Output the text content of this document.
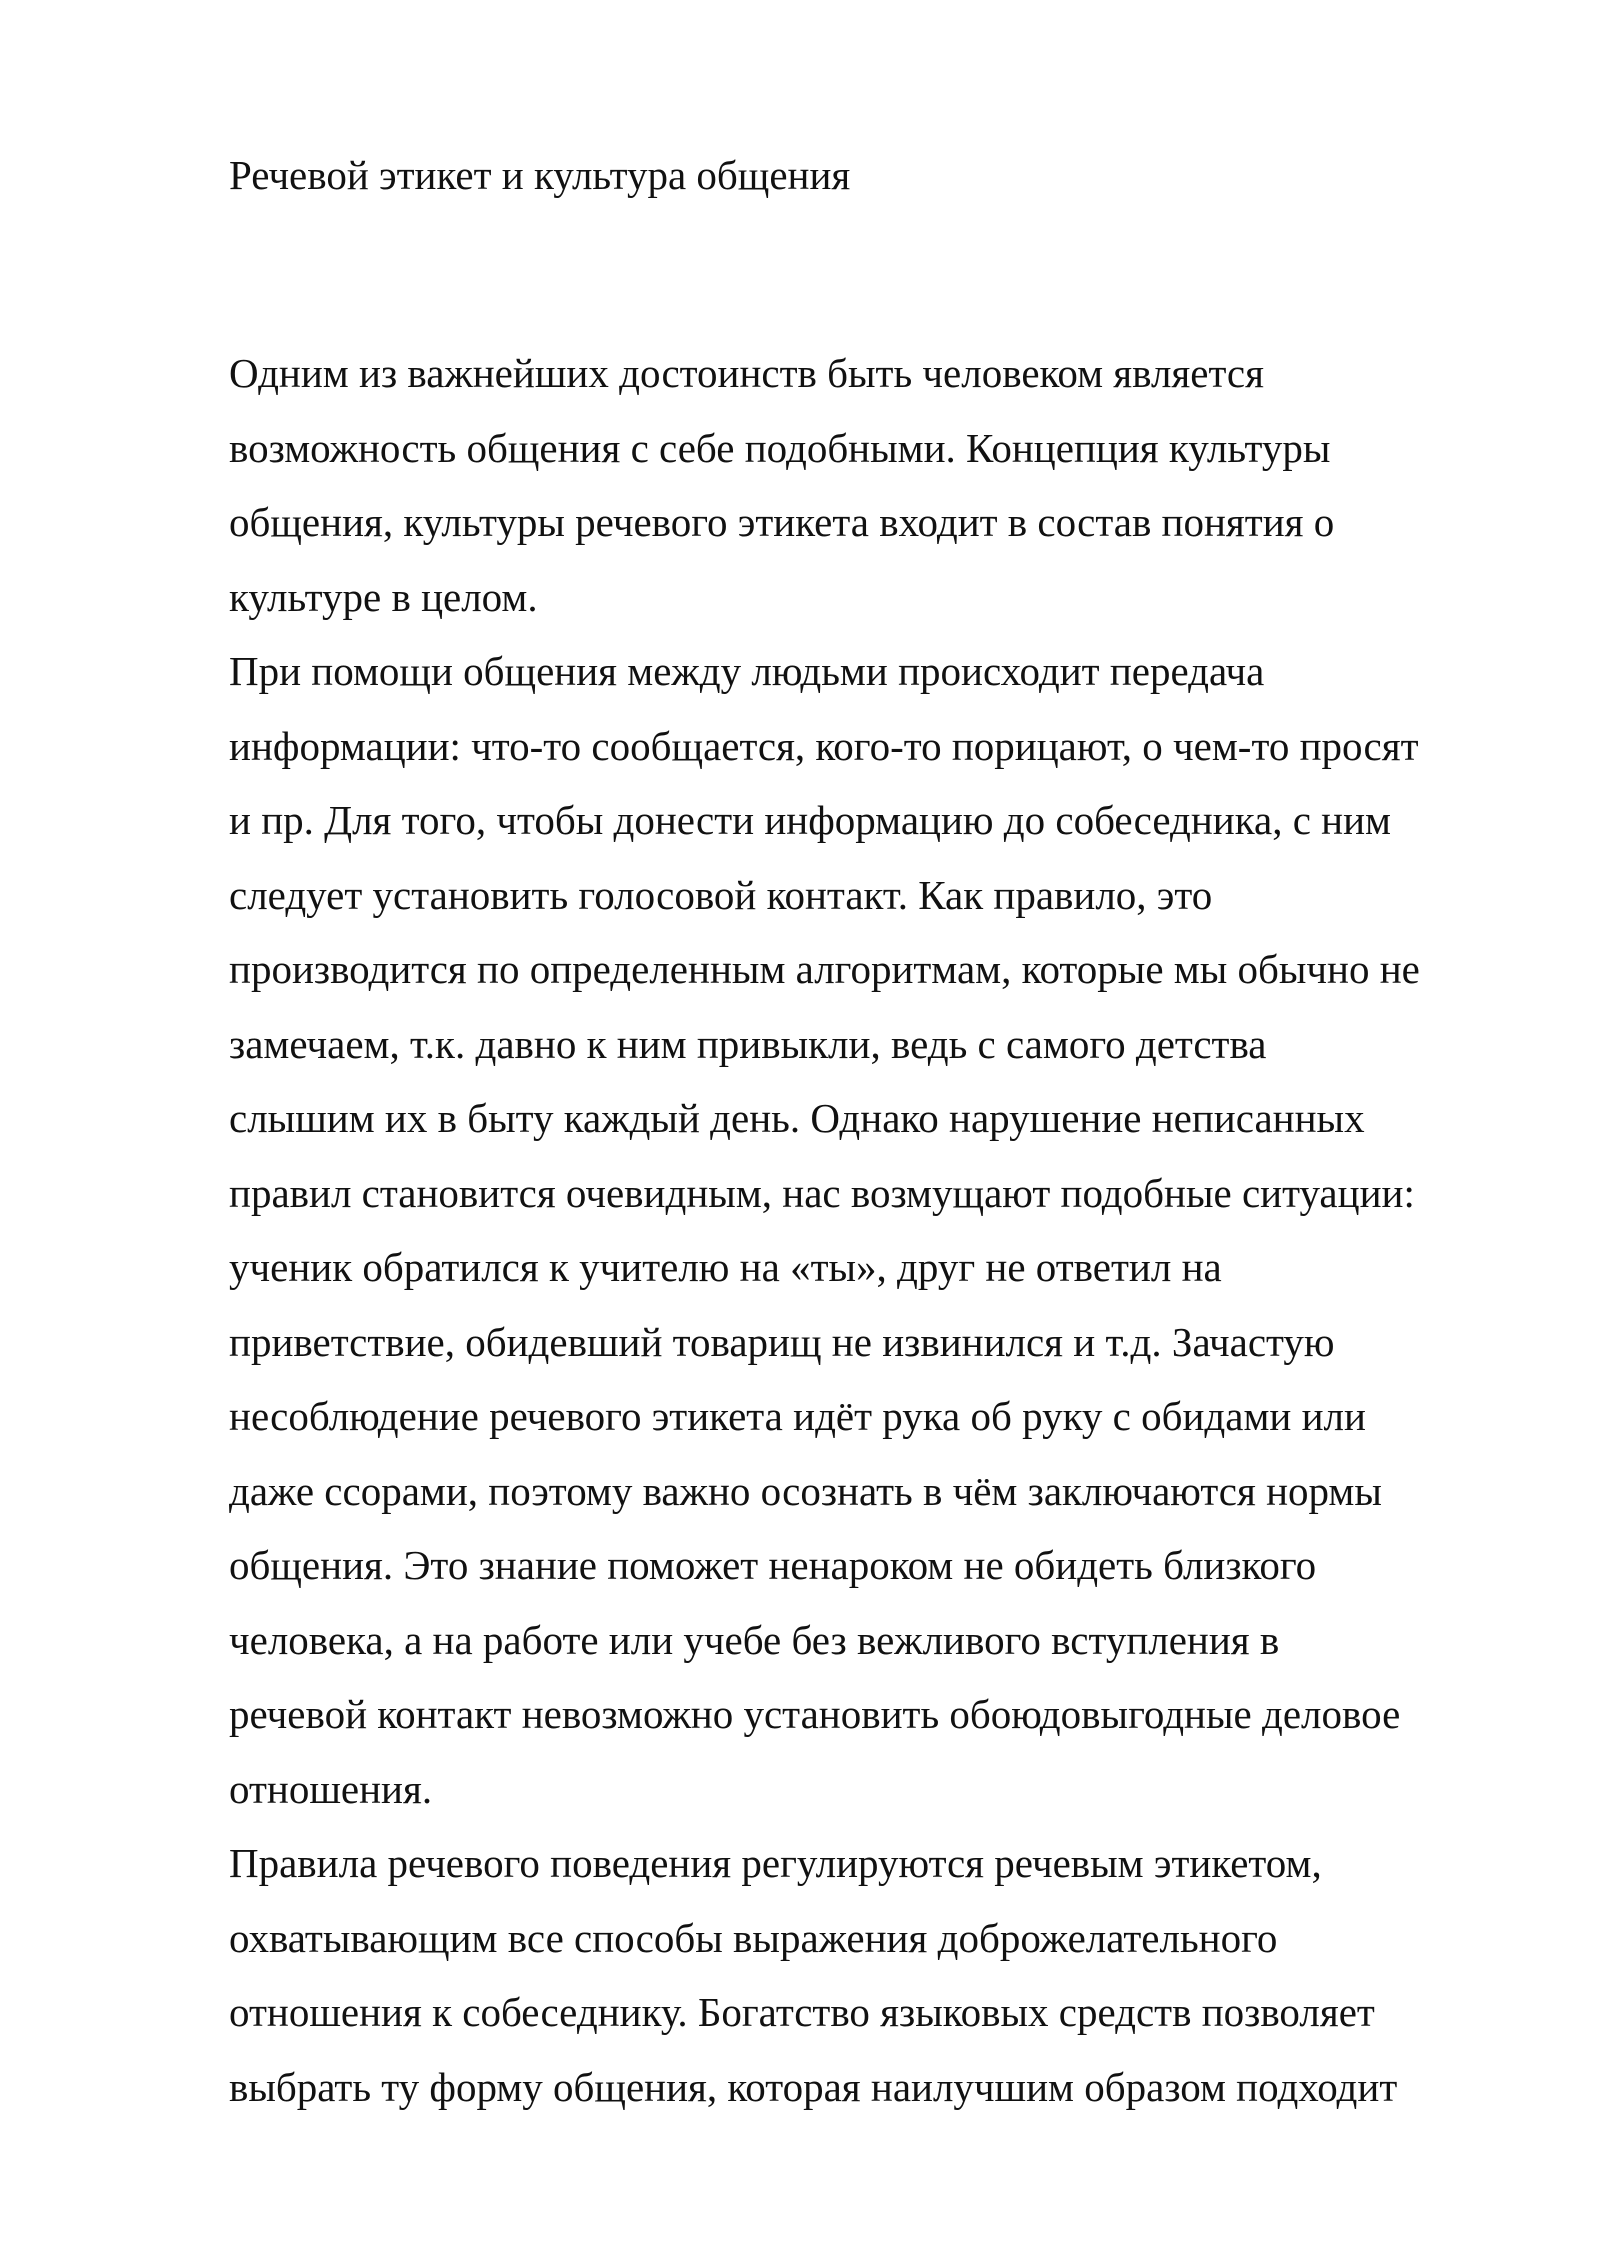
Речевой этикет и культура общения
Одним из важнейших достоинств быть человеком является
возможность общения с себе подобными. Концепция культуры
общения, культуры речевого этикета входит в состав понятия о
культуре в целом.
При помощи общения между людьми происходит передача
информации: что-то сообщается, кого-то порицают, о чем-то просят
и пр. Для того, чтобы донести информацию до собеседника, с ним
следует установить голосовой контакт. Как правило, это
производится по определенным алгоритмам, которые мы обычно не
замечаем, т.к. давно к ним привыкли, ведь с самого детства
слышим их в быту каждый день. Однако нарушение неписанных
правил становится очевидным, нас возмущают подобные ситуации:
ученик обратился к учителю на «ты», друг не ответил на
приветствие, обидевший товарищ не извинился и т.д. Зачастую
несоблюдение речевого этикета идёт рука об руку с обидами или
даже ссорами, поэтому важно осознать в чём заключаются нормы
общения. Это знание поможет ненароком не обидеть близкого
человека, а на работе или учебе без вежливого вступления в
речевой контакт невозможно установить обоюдовыгодные деловое
отношения.
Правила речевого поведения регулируются речевым этикетом,
охватывающим все способы выражения доброжелательного
отношения к собеседнику. Богатство языковых средств позволяет
выбрать ту форму общения, которая наилучшим образом подходит
